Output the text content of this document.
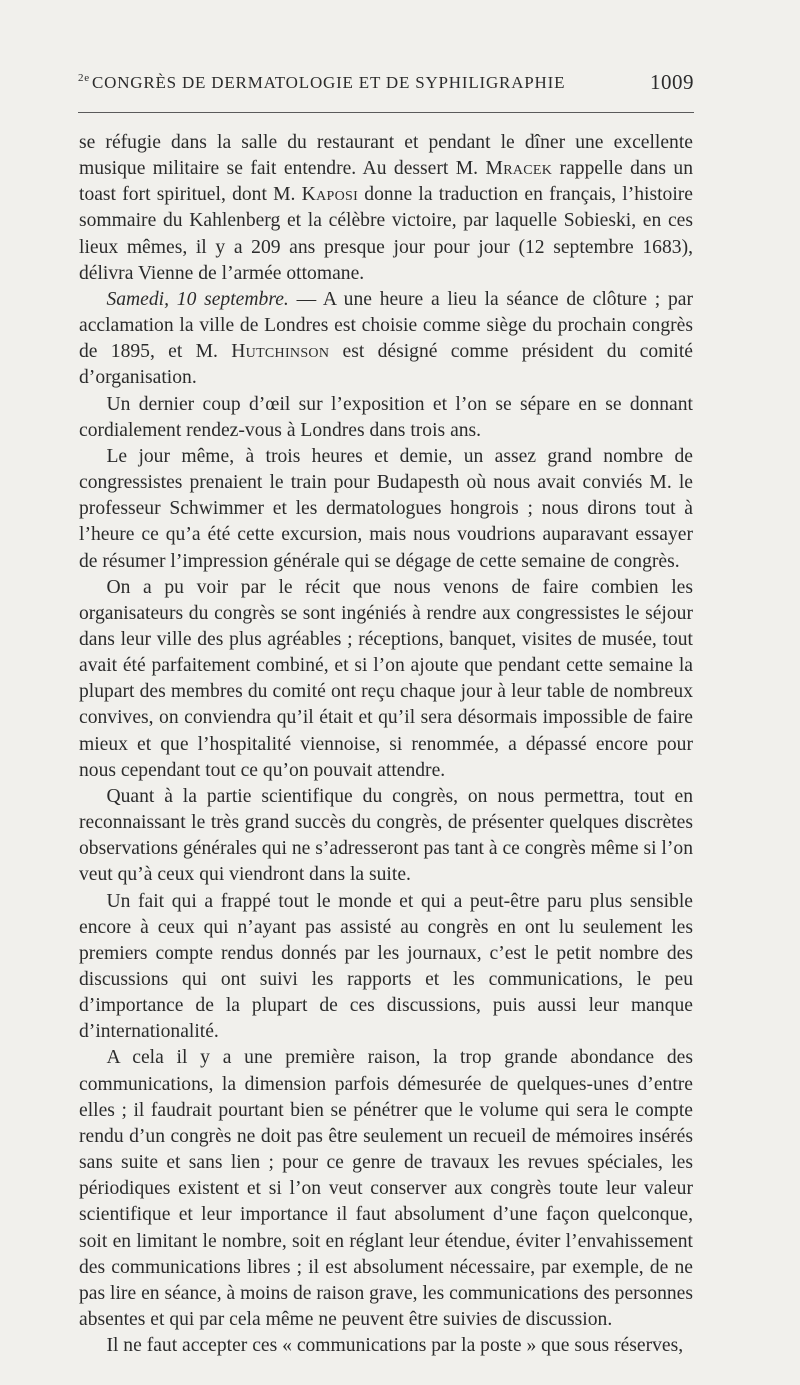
$^{2e}$ CONGRÈS DE DERMATOLOGIE ET DE SYPHILIGRAPHIE	1009

se réfugie dans la salle du restaurant et pendant le dîner une excellente musique militaire se fait entendre. Au dessert M. Mracek rappelle dans un toast fort spirituel, dont M. Kaposi donne la traduction en français, l’histoire sommaire du Kahlenberg et la célèbre victoire, par laquelle Sobieski, en ces lieux mêmes, il y a 209 ans presque jour pour jour (12 septembre 1683), délivra Vienne de l’armée ottomane.

Samedi, 10 septembre. — A une heure a lieu la séance de clôture ; par acclamation la ville de Londres est choisie comme siège du prochain congrès de 1895, et M. Hutchinson est désigné comme président du comité d’organisation.

Un dernier coup d’œil sur l’exposition et l’on se sépare en se donnant cordialement rendez-vous à Londres dans trois ans.

Le jour même, à trois heures et demie, un assez grand nombre de congressistes prenaient le train pour Budapesth où nous avait conviés M. le professeur Schwimmer et les dermatologues hongrois ; nous dirons tout à l’heure ce qu’a été cette excursion, mais nous voudrions auparavant essayer de résumer l’impression générale qui se dégage de cette semaine de congrès.

On a pu voir par le récit que nous venons de faire combien les organisateurs du congrès se sont ingéniés à rendre aux congressistes le séjour dans leur ville des plus agréables ; réceptions, banquet, visites de musée, tout avait été parfaitement combiné, et si l’on ajoute que pendant cette semaine la plupart des membres du comité ont reçu chaque jour à leur table de nombreux convives, on conviendra qu’il était et qu’il sera désormais impossible de faire mieux et que l’hospitalité viennoise, si renommée, a dépassé encore pour nous cependant tout ce qu’on pouvait attendre.

Quant à la partie scientifique du congrès, on nous permettra, tout en reconnaissant le très grand succès du congrès, de présenter quelques discrètes observations générales qui ne s’adresseront pas tant à ce congrès même si l’on veut qu’à ceux qui viendront dans la suite.

Un fait qui a frappé tout le monde et qui a peut-être paru plus sensible encore à ceux qui n’ayant pas assisté au congrès en ont lu seulement les premiers compte rendus donnés par les journaux, c’est le petit nombre des discussions qui ont suivi les rapports et les communications, le peu d’importance de la plupart de ces discussions, puis aussi leur manque d’internationalité.

A cela il y a une première raison, la trop grande abondance des communications, la dimension parfois démesurée de quelques-unes d’entre elles ; il faudrait pourtant bien se pénétrer que le volume qui sera le compte rendu d’un congrès ne doit pas être seulement un recueil de mémoires insérés sans suite et sans lien ; pour ce genre de travaux les revues spéciales, les périodiques existent et si l’on veut conserver aux congrès toute leur valeur scientifique et leur importance il faut absolument d’une façon quelconque, soit en limitant le nombre, soit en réglant leur étendue, éviter l’envahissement des communications libres ; il est absolument nécessaire, par exemple, de ne pas lire en séance, à moins de raison grave, les communications des personnes absentes et qui par cela même ne peuvent être suivies de discussion.

Il ne faut accepter ces « communications par la poste » que sous réserves,
